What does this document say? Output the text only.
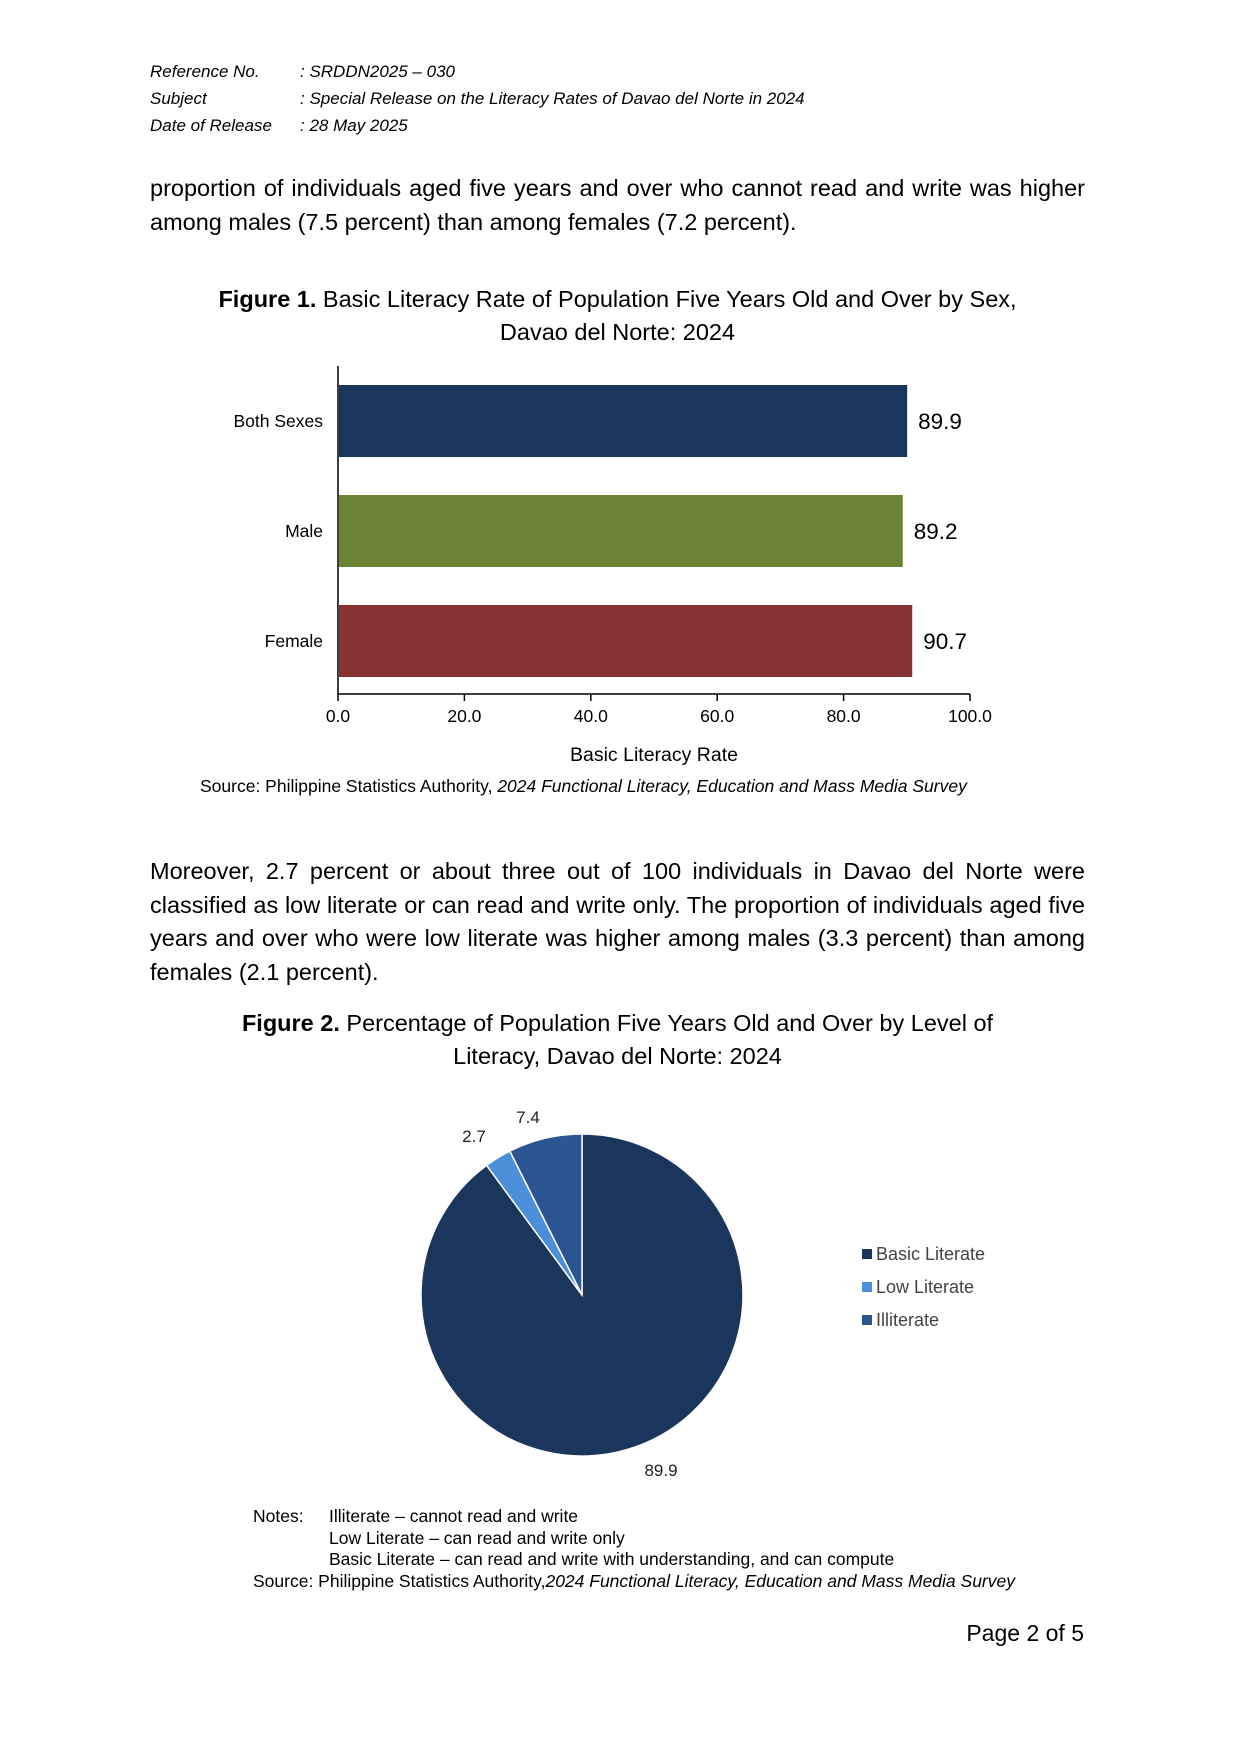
Reference No.	: SRDDN2025 – 030
Subject	: Special Release on the Literacy Rates of Davao del Norte in 2024
Date of Release	: 28 May 2025
proportion of individuals aged five years and over who cannot read and write was higher among males (7.5 percent) than among females (7.2 percent).
Figure 1. Basic Literacy Rate of Population Five Years Old and Over by Sex,
Davao del Norte: 2024
Both Sexes	89.9
Male	89.2
Female	90.7
0.0	20.0	40.0	60.0	80.0	100.0
Basic Literacy Rate
Source: Philippine Statistics Authority, 2024 Functional Literacy, Education and Mass Media Survey
Moreover, 2.7 percent or about three out of 100 individuals in Davao del Norte were classified as low literate or can read and write only. The proportion of individuals aged five years and over who were low literate was higher among males (3.3 percent) than among females (2.1 percent).
Figure 2. Percentage of Population Five Years Old and Over by Level of
Literacy, Davao del Norte: 2024
89.9
2.7
7.4
Basic Literate
Low Literate
Illiterate
Notes:	Illiterate – cannot read and write
Low Literate – can read and write only
Basic Literate – can read and write with understanding, and can compute
Source: Philippine Statistics Authority, 2024 Functional Literacy, Education and Mass Media Survey
Page 2 of 5
